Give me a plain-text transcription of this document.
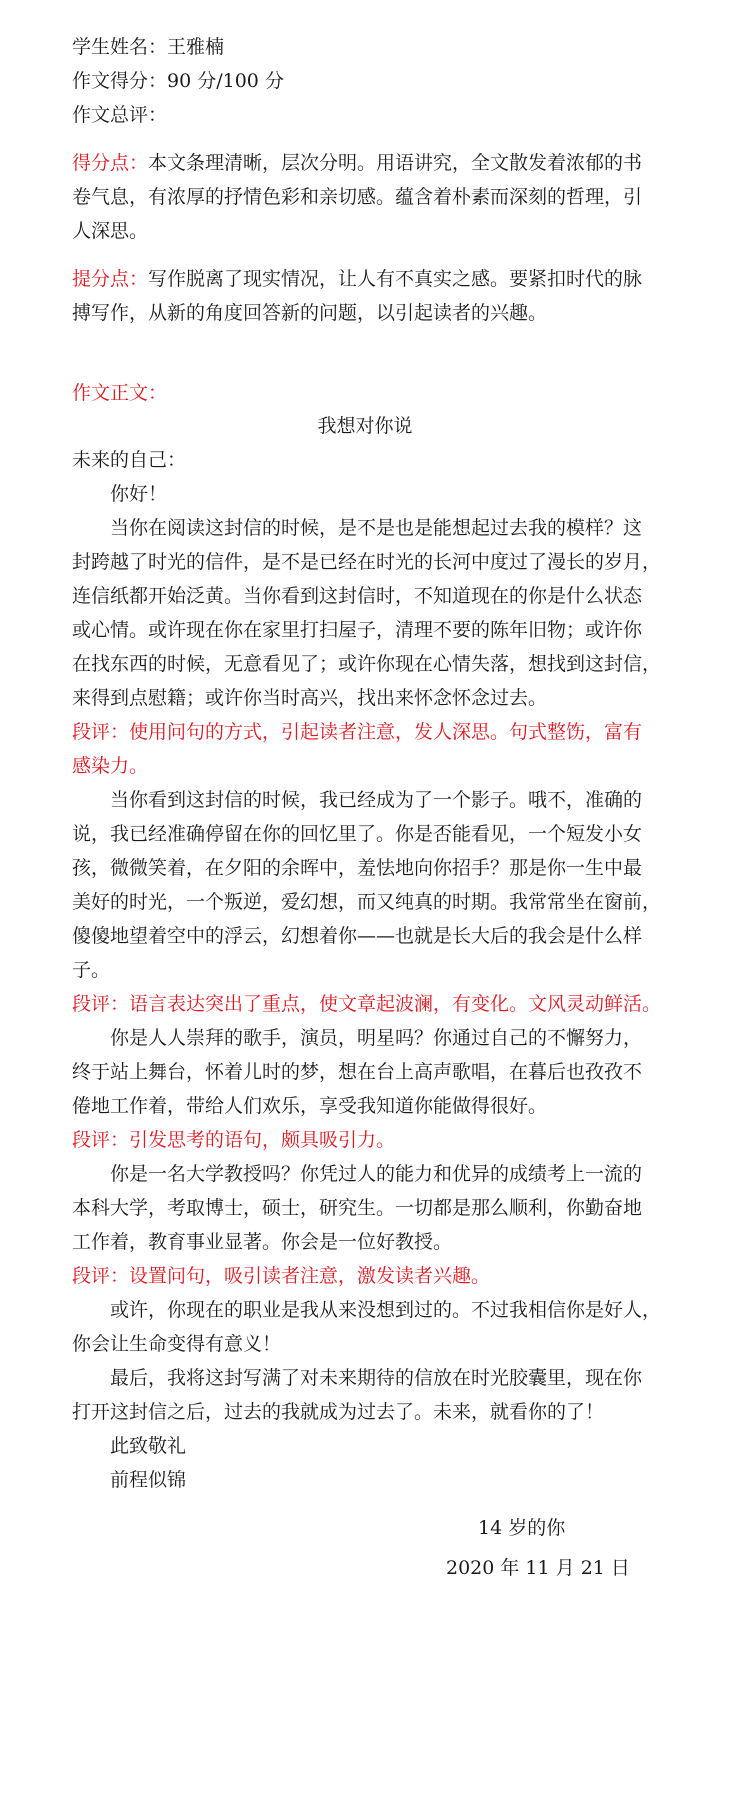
学生姓名：王雅楠
作文得分：90 分/100 分
作文总评：
得分点：本文条理清晰，层次分明。用语讲究，全文散发着浓郁的书
卷气息，有浓厚的抒情色彩和亲切感。蕴含着朴素而深刻的哲理，引
人深思。
提分点：写作脱离了现实情况，让人有不真实之感。要紧扣时代的脉
搏写作，从新的角度回答新的问题，以引起读者的兴趣。
作文正文：
我想对你说
未来的自己：
你好！
当你在阅读这封信的时候，是不是也是能想起过去我的模样？这
封跨越了时光的信件，是不是已经在时光的长河中度过了漫长的岁月，
连信纸都开始泛黄。当你看到这封信时，不知道现在的你是什么状态
或心情。或许现在你在家里打扫屋子，清理不要的陈年旧物；或许你
在找东西的时候，无意看见了；或许你现在心情失落，想找到这封信，
来得到点慰籍；或许你当时高兴，找出来怀念怀念过去。
段评：使用问句的方式，引起读者注意，发人深思。句式整饬，富有
感染力。
当你看到这封信的时候，我已经成为了一个影子。哦不，准确的
说，我已经准确停留在你的回忆里了。你是否能看见，一个短发小女
孩，微微笑着，在夕阳的余晖中，羞怯地向你招手？那是你一生中最
美好的时光，一个叛逆，爱幻想，而又纯真的时期。我常常坐在窗前，
傻傻地望着空中的浮云，幻想着你——也就是长大后的我会是什么样
子。
段评：语言表达突出了重点，使文章起波澜，有变化。文风灵动鲜活。
你是人人崇拜的歌手，演员，明星吗？你通过自己的不懈努力，
终于站上舞台，怀着儿时的梦，想在台上高声歌唱，在暮后也孜孜不
倦地工作着，带给人们欢乐，享受我知道你能做得很好。
段评：引发思考的语句，颇具吸引力。
你是一名大学教授吗？你凭过人的能力和优异的成绩考上一流的
本科大学，考取博士，硕士，研究生。一切都是那么顺利，你勤奋地
工作着，教育事业显著。你会是一位好教授。
段评：设置问句，吸引读者注意，激发读者兴趣。
或许，你现在的职业是我从来没想到过的。不过我相信你是好人，
你会让生命变得有意义！
最后，我将这封写满了对未来期待的信放在时光胶囊里，现在你
打开这封信之后，过去的我就成为过去了。未来，就看你的了！
此致敬礼
前程似锦
14 岁的你
2020 年 11 月 21 日
